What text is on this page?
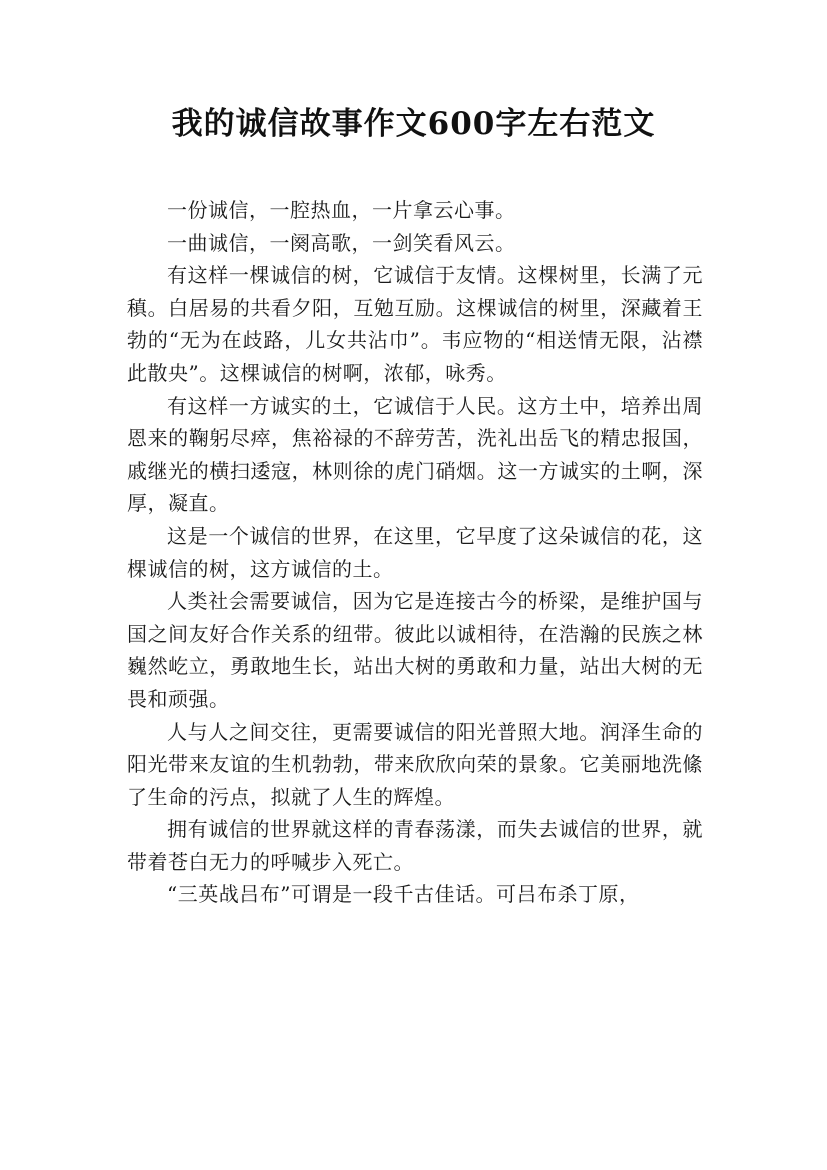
我的诚信故事作文600字左右范文

一份诚信，一腔热血，一片拿云心事。

一曲诚信，一阕高歌，一剑笑看风云。

有这样一棵诚信的树，它诚信于友情。这棵树里，长满了元稹。白居易的共看夕阳，互勉互励。这棵诚信的树里，深藏着王勃的“无为在歧路，儿女共沾巾”。韦应物的“相送情无限，沾襟此散央”。这棵诚信的树啊，浓郁，咏秀。

有这样一方诚实的土，它诚信于人民。这方土中，培养出周恩来的鞠躬尽瘁，焦裕禄的不辞劳苦，洗礼出岳飞的精忠报国，戚继光的横扫逶寇，林则徐的虎门硝烟。这一方诚实的土啊，深厚，凝直。

这是一个诚信的世界，在这里，它早度了这朵诚信的花，这棵诚信的树，这方诚信的土。

人类社会需要诚信，因为它是连接古今的桥梁，是维护国与国之间友好合作关系的纽带。彼此以诚相待，在浩瀚的民族之林巍然屹立，勇敢地生长，站出大树的勇敢和力量，站出大树的无畏和顽强。

人与人之间交往，更需要诚信的阳光普照大地。润泽生命的阳光带来友谊的生机勃勃，带来欣欣向荣的景象。它美丽地洗絛了生命的污点，拟就了人生的辉煌。

拥有诚信的世界就这样的青春荡漾，而失去诚信的世界，就带着苍白无力的呼喊步入死亡。

“三英战吕布”可谓是一段千古佳话。可吕布杀丁原，
